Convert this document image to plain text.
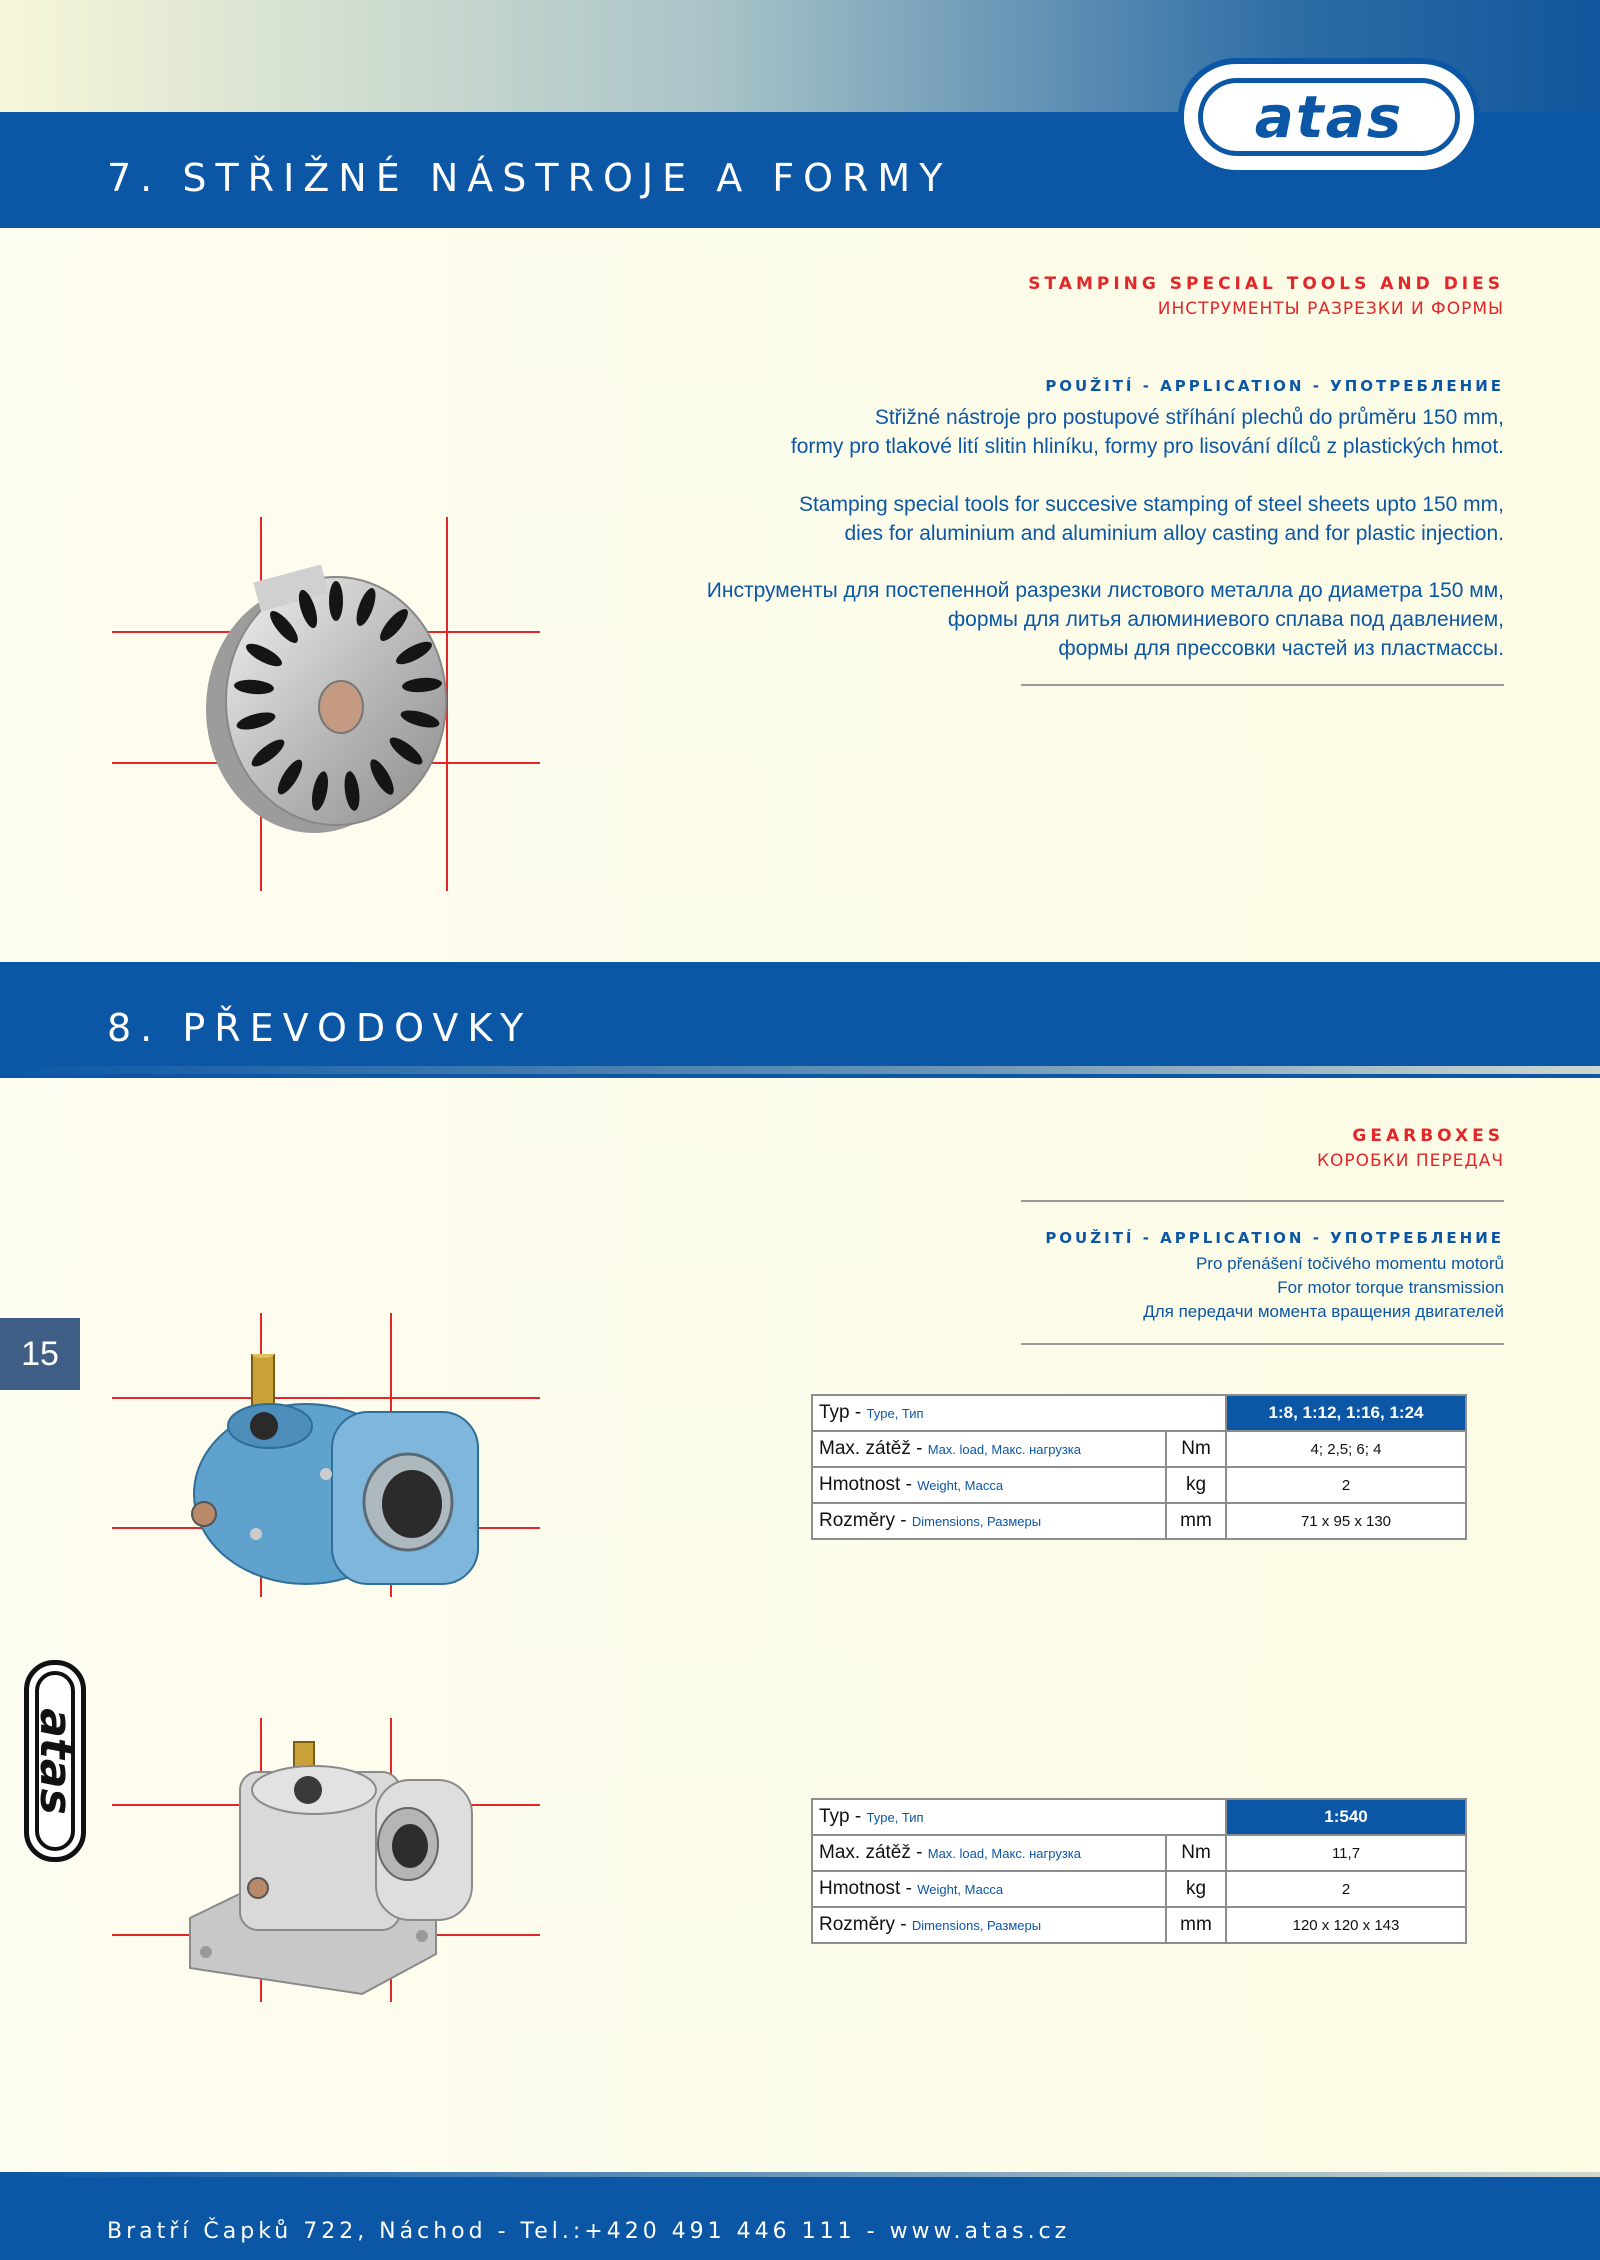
7. STŘIŽNÉ NÁSTROJE A FORMY
atas
STAMPING SPECIAL TOOLS AND DIES
ИНСТРУМЕНТЫ РАЗРЕЗКИ И ФОРМЫ
POUŽITÍ - APPLICATION - УПОТРЕБЛЕНИЕ
Střižné nástroje pro postupové stříhání plechů do průměru 150 mm,
formy pro tlakové lití slitin hliníku, formy pro lisování dílců z plastických hmot.
Stamping special tools for succesive stamping of steel sheets upto 150 mm,
dies for aluminium and aluminium alloy casting and for plastic injection.
Инструменты для постепенной разрезки листового металла до диаметра 150 мм,
формы для литья алюминиевого сплава под давлением,
формы для прессовки частей из пластмассы.
8. PŘEVODOVKY
GEARBOXES
КОРОБКИ ПЕРЕДАЧ
POUŽITÍ - APPLICATION - УПОТРЕБЛЕНИЕ
Pro přenášení točivého momentu motorů
For motor torque transmission
Для передачи момента вращения двигателей
15
Typ - Type, Тип		1:8, 1:12, 1:16, 1:24
Max. zátěž - Max. load, Макс. нагрузка	Nm	4; 2,5; 6; 4
Hmotnost - Weight, Масса	kg	2
Rozměry - Dimensions, Размеры	mm	71 x 95 x 130
atas
Typ - Type, Тип		1:540
Max. zátěž - Max. load, Макс. нагрузка	Nm	11,7
Hmotnost - Weight, Масса	kg	2
Rozměry - Dimensions, Размеры	mm	120 x 120 x 143
Bratří Čapků 722, Náchod - Tel.:+420 491 446 111 - www.atas.cz
